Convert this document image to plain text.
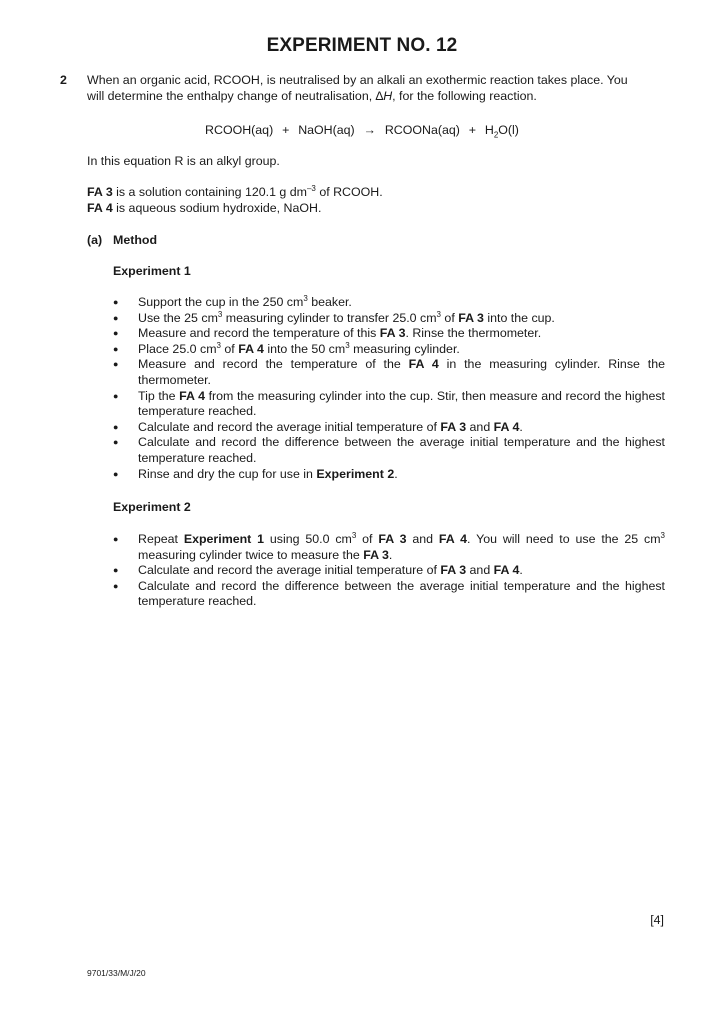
EXPERIMENT NO. 12
2 When an organic acid, RCOOH, is neutralised by an alkali an exothermic reaction takes place. You
will determine the enthalpy change of neutralisation, ∆H, for the following reaction.
RCOOH(aq)  +  NaOH(aq)  →  RCOONa(aq)  +  $H_2O(l)$
In this equation R is an alkyl group.
FA 3 is a solution containing 120.1 g $dm^{-3}$ of RCOOH.
FA 4 is aqueous sodium hydroxide, NaOH.
(a) Method
Experiment 1
● Support the cup in the 250 $cm^3$ beaker.
● Use the 25 $cm^3$ measuring cylinder to transfer 25.0 $cm^3$ of FA 3 into the cup.
● Measure and record the temperature of this FA 3. Rinse the thermometer.
● Place 25.0 $cm^3$ of FA 4 into the 50 $cm^3$ measuring cylinder.
● Measure and record the temperature of the FA 4 in the measuring cylinder. Rinse the thermometer.
● Tip the FA 4 from the measuring cylinder into the cup. Stir, then measure and record the highest temperature reached.
● Calculate and record the average initial temperature of FA 3 and FA 4.
● Calculate and record the difference between the average initial temperature and the highest temperature reached.
● Rinse and dry the cup for use in Experiment 2.
Experiment 2
● Repeat Experiment 1 using 50.0 $cm^3$ of FA 3 and FA 4. You will need to use the 25 $cm^3$ measuring cylinder twice to measure the FA 3.
● Calculate and record the average initial temperature of FA 3 and FA 4.
● Calculate and record the difference between the average initial temperature and the highest temperature reached.
[4]
9701/33/M/J/20
